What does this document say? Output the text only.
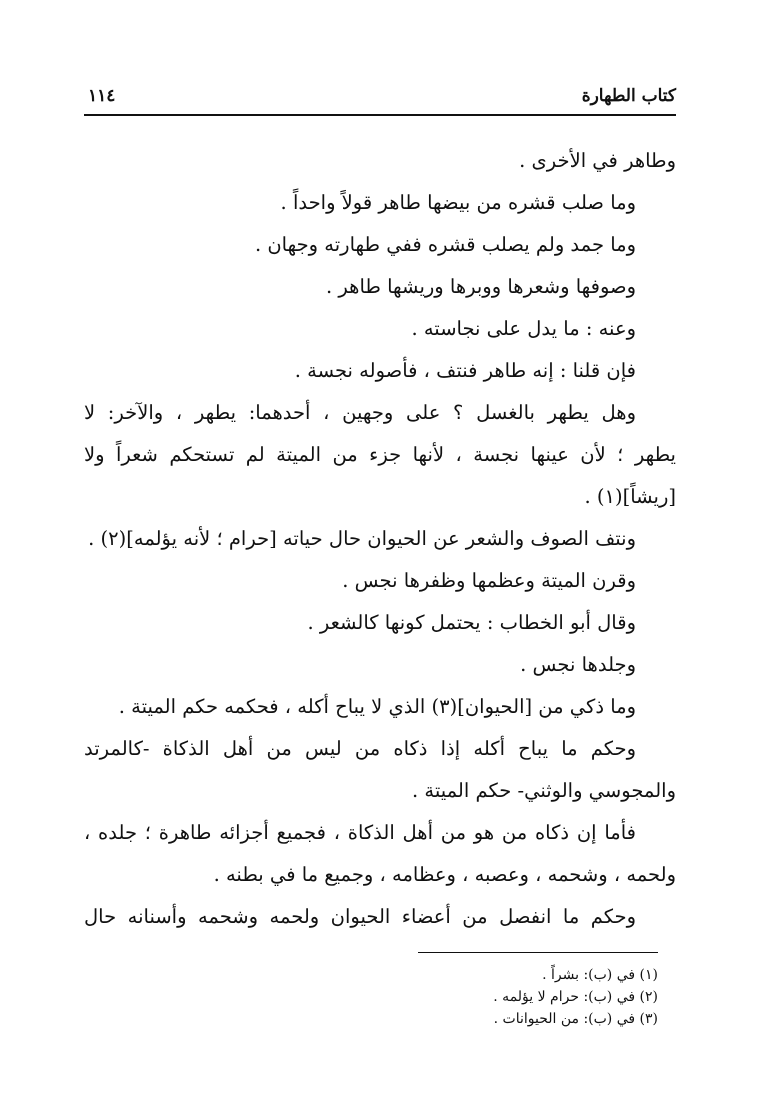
كتاب الطهارة
١١٤
وطاهر في الأخرى .
وما صلب قشره من بيضها طاهر قولاً واحداً .
وما جمد ولم يصلب قشره ففي طهارته وجهان .
وصوفها وشعرها ووبرها وريشها طاهر .
وعنه : ما يدل على نجاسته .
فإن قلنا : إنه طاهر فنتف ، فأصوله نجسة .
وهل يطهر بالغسل ؟ على وجهين ، أحدهما: يطهر ، والآخر: لا
يطهر ؛ لأن عينها نجسة ، لأنها جزء من الميتة لم تستحكم شعراً ولا
[ريشاً](١) .
ونتف الصوف والشعر عن الحيوان حال حياته [حرام ؛ لأنه يؤلمه](٢) .
وقرن الميتة وعظمها وظفرها نجس .
وقال أبو الخطاب : يحتمل كونها كالشعر .
وجلدها نجس .
وما ذكي من [الحيوان](٣) الذي لا يباح أكله ، فحكمه حكم الميتة .
وحكم ما يباح أكله إذا ذكاه من ليس من أهل الذكاة -كالمرتد
والمجوسي والوثني- حكم الميتة .
فأما إن ذكاه من هو من أهل الذكاة ، فجميع أجزائه طاهرة ؛ جلده ،
ولحمه ، وشحمه ، وعصبه ، وعظامه ، وجميع ما في بطنه .
وحكم ما انفصل من أعضاء الحيوان ولحمه وشحمه وأسنانه حال
(١) في (ب): بشراً .
(٢) في (ب): حرام لا يؤلمه .
(٣) في (ب): من الحيوانات .
